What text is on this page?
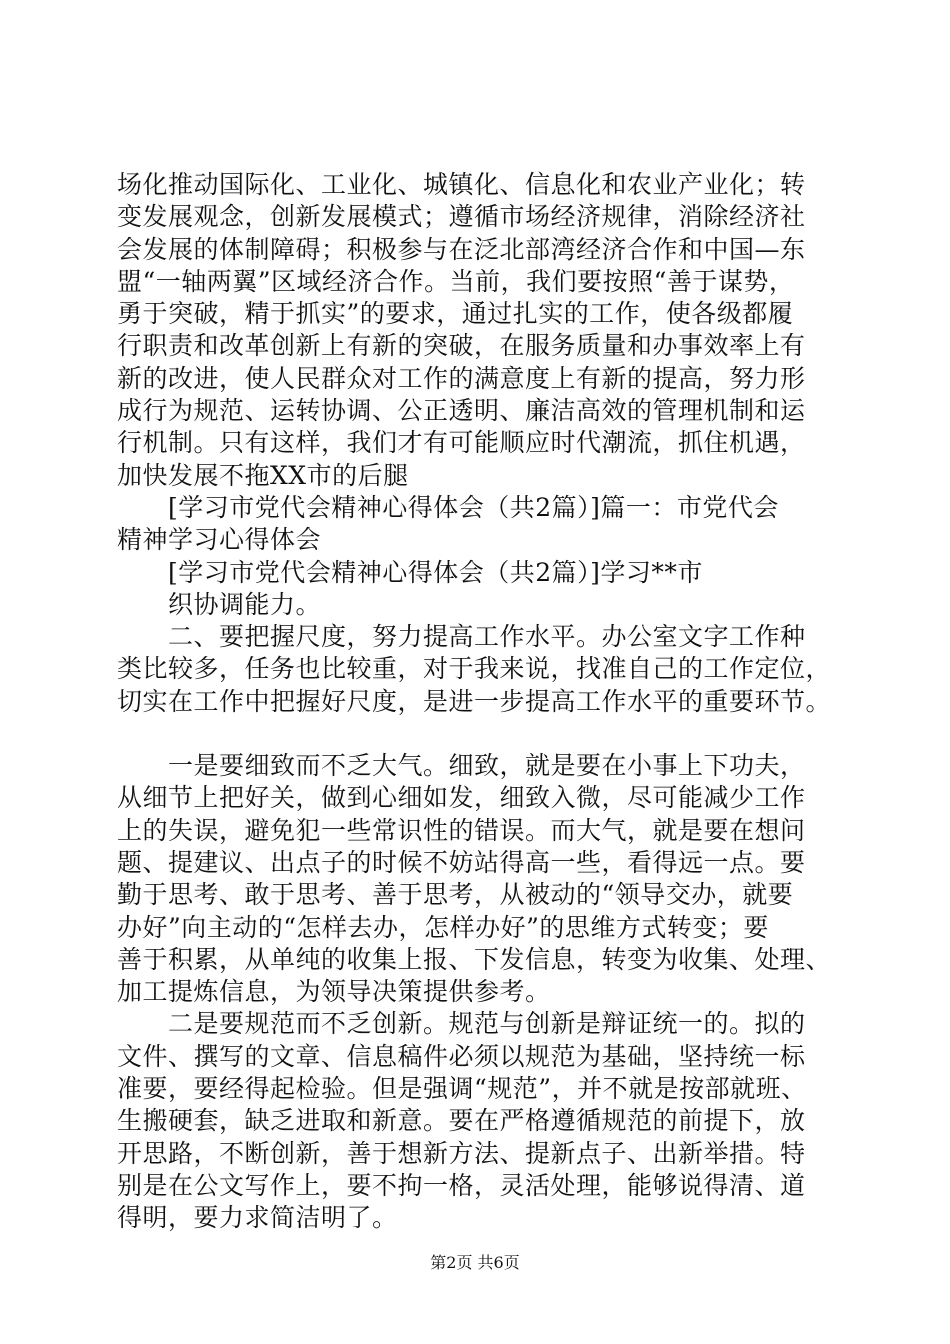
场化推动国际化、工业化、城镇化、信息化和农业产业化；转
变发展观念，创新发展模式；遵循市场经济规律，消除经济社
会发展的体制障碍；积极参与在泛北部湾经济合作和中国—东
盟“一轴两翼”区域经济合作。当前，我们要按照“善于谋势，
勇于突破，精于抓实”的要求，通过扎实的工作，使各级都履
行职责和改革创新上有新的突破，在服务质量和办事效率上有
新的改进，使人民群众对工作的满意度上有新的提高，努力形
成行为规范、运转协调、公正透明、廉洁高效的管理机制和运
行机制。只有这样，我们才有可能顺应时代潮流，抓住机遇，
加快发展不拖XX市的后腿
　　[学习市党代会精神心得体会（共2篇）]篇一：市党代会
精神学习心得体会
　　[学习市党代会精神心得体会（共2篇）]学习**市
　　织协调能力。
　　二、要把握尺度，努力提高工作水平。办公室文字工作种
类比较多，任务也比较重，对于我来说，找准自己的工作定位，
切实在工作中把握好尺度，是进一步提高工作水平的重要环节。
　　一是要细致而不乏大气。细致，就是要在小事上下功夫，
从细节上把好关，做到心细如发，细致入微，尽可能减少工作
上的失误，避免犯一些常识性的错误。而大气，就是要在想问
题、提建议、出点子的时候不妨站得高一些，看得远一点。要
勤于思考、敢于思考、善于思考，从被动的“领导交办，就要
办好”向主动的“怎样去办，怎样办好”的思维方式转变；要
善于积累，从单纯的收集上报、下发信息，转变为收集、处理、
加工提炼信息，为领导决策提供参考。
　　二是要规范而不乏创新。规范与创新是辩证统一的。拟的
文件、撰写的文章、信息稿件必须以规范为基础，坚持统一标
准要，要经得起检验。但是强调“规范”，并不就是按部就班、
生搬硬套，缺乏进取和新意。要在严格遵循规范的前提下，放
开思路，不断创新，善于想新方法、提新点子、出新举措。特
别是在公文写作上，要不拘一格，灵活处理，能够说得清、道
得明，要力求简洁明了。
第2页 共6页
